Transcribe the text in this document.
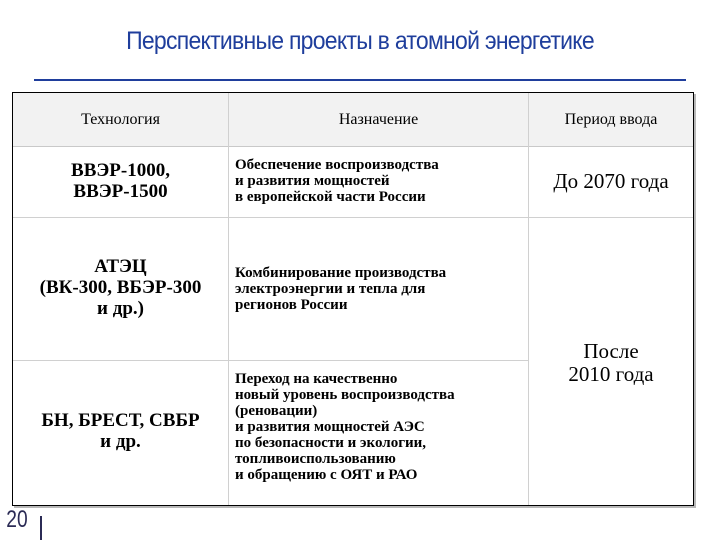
Перспективные проекты в атомной энергетике
Технология	Назначение	Период ввода
ВВЭР-1000,
ВВЭР-1500
Обеспечение воспроизводства
и развития мощностей
в европейской части России
До 2070 года
АТЭЦ
(ВК-300, ВБЭР-300
и др.)
Комбинирование производства
электроэнергии и тепла для
регионов России
После
2010 года
БН, БРЕСТ, СВБР
и др.
Переход на качественно
новый уровень воспроизводства
(реновации)
и развития мощностей АЭС
по безопасности и экологии,
топливоиспользованию
и обращению с ОЯТ и РАО
20
